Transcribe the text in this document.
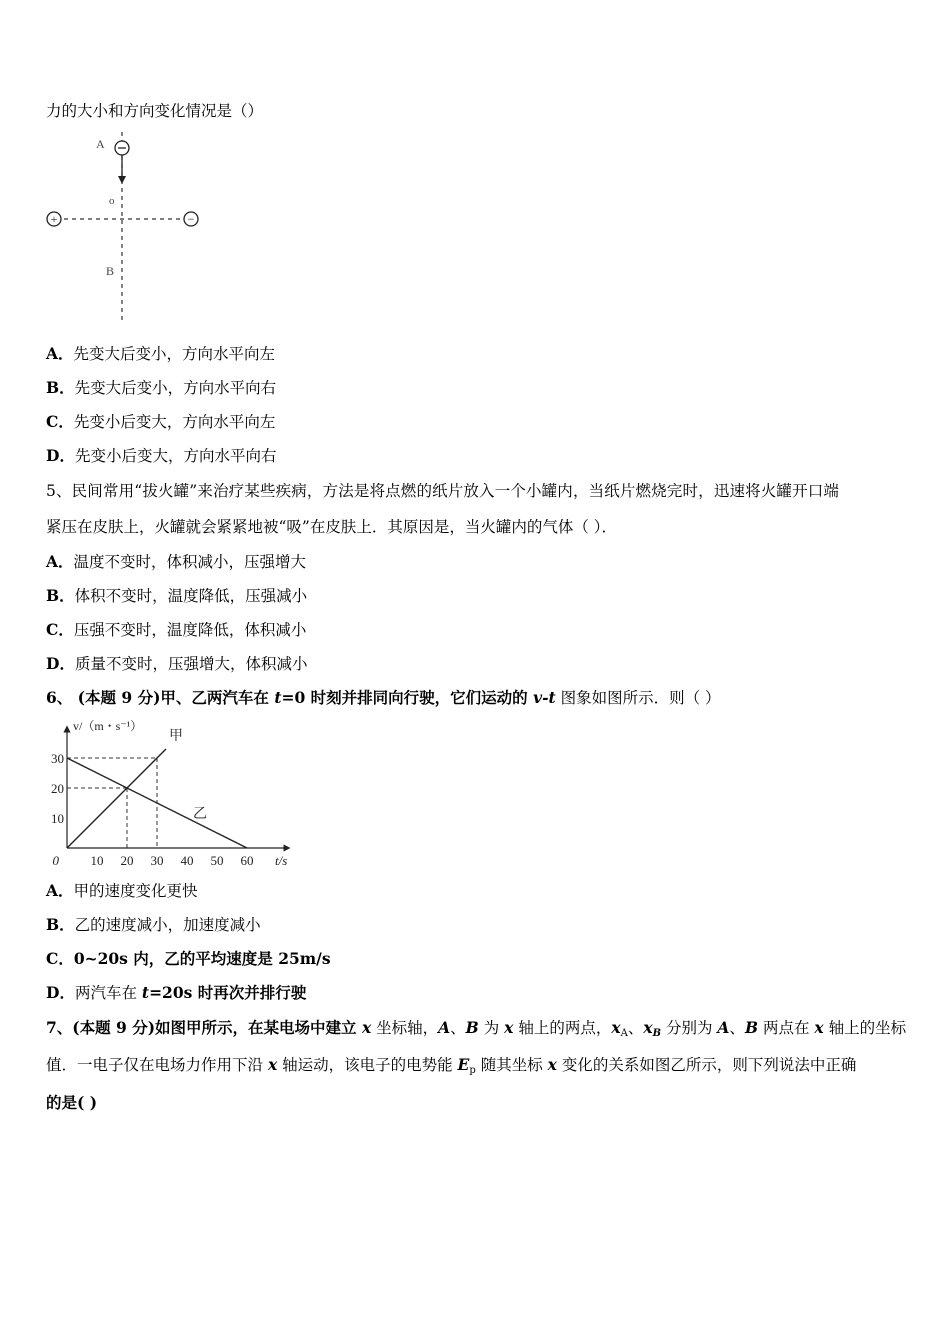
力的大小和方向变化情况是（）
+	−
A
o
B
A．先变大后变小，方向水平向左
B．先变大后变小，方向水平向右
C．先变小后变大，方向水平向左
D．先变小后变大，方向水平向右
5、民间常用“拔火罐”来治疗某些疾病，方法是将点燃的纸片放入一个小罐内，当纸片燃烧完时，迅速将火罐开口端
紧压在皮肤上，火罐就会紧紧地被“吸”在皮肤上．其原因是，当火罐内的气体（ ）．
A．温度不变时，体积减小，压强增大
B．体积不变时，温度降低，压强减小
C．压强不变时，温度降低，体积减小
D．质量不变时，压强增大，体积减小
6、 (本题 9 分)甲、乙两汽车在 t=0 时刻并排同向行驶，它们运动的 v-t 图象如图所示．则（ ）
甲
乙
10 20 30 40 50 60
10
20
30
0
v/（m・s⁻¹）
t/s
A．甲的速度变化更快
B．乙的速度减小，加速度减小
C．0~20s 内，乙的平均速度是 25m/s
D．两汽车在 t=20s 时再次并排行驶
7、(本题 9 分)如图甲所示，在某电场中建立 x 坐标轴，A、B 为 x 轴上的两点，$x_A$、$x_B$ 分别为 A、B 两点在 x 轴上的坐标
值．一电子仅在电场力作用下沿 x 轴运动，该电子的电势能 $E_p$ 随其坐标 x 变化的关系如图乙所示，则下列说法中正确
的是( )
